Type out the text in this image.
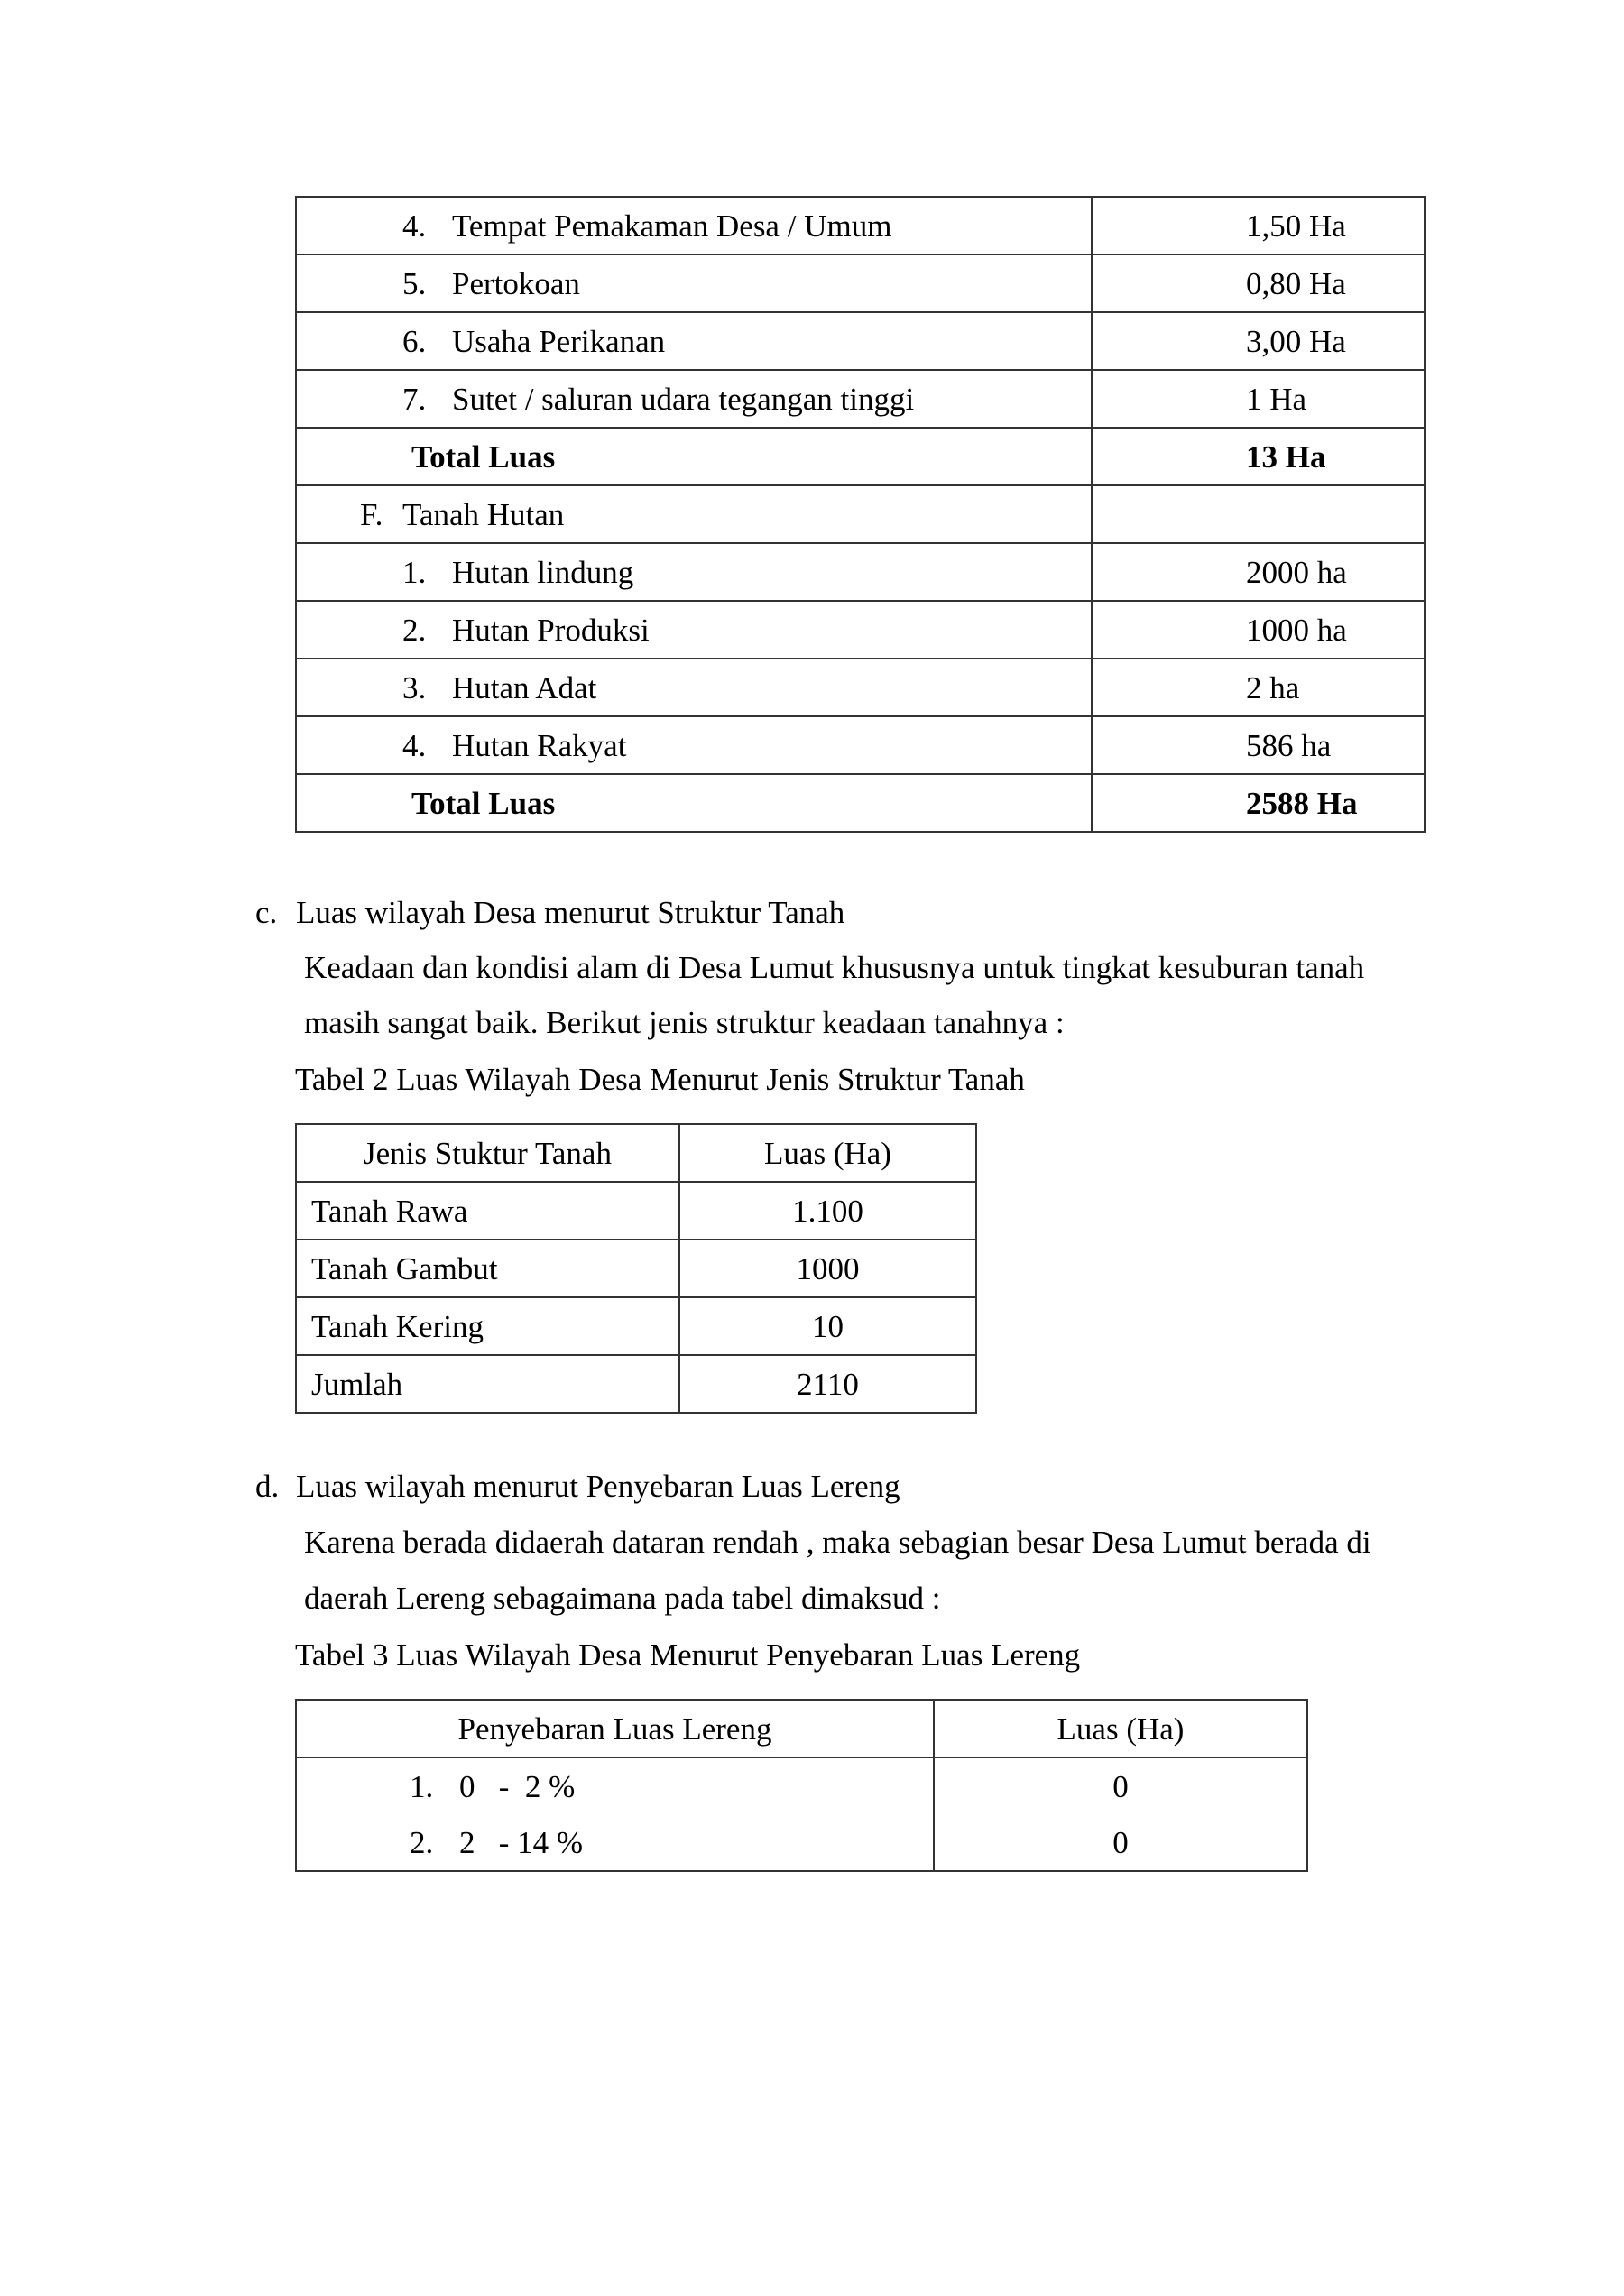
4. Tempat Pemakaman Desa / Umum	1,50 Ha
5. Pertokoan	0,80 Ha
6. Usaha Perikanan	3,00 Ha
7. Sutet / saluran udara tegangan tinggi	1 Ha
Total Luas	13 Ha
F. Tanah Hutan	
1. Hutan lindung	2000 ha
2. Hutan Produksi	1000 ha
3. Hutan Adat	2 ha
4. Hutan Rakyat	586 ha
Total Luas	2588 Ha
c. Luas wilayah Desa menurut Struktur Tanah
Keadaan dan kondisi alam di Desa Lumut khususnya untuk tingkat kesuburan tanah
masih sangat baik. Berikut jenis struktur keadaan tanahnya :
Tabel 2 Luas Wilayah Desa Menurut Jenis Struktur Tanah
Jenis Stuktur Tanah	Luas (Ha)
Tanah Rawa	1.100
Tanah Gambut	1000
Tanah Kering	10
Jumlah	2110
d. Luas wilayah menurut Penyebaran Luas Lereng
Karena berada didaerah dataran rendah , maka sebagian besar Desa Lumut berada di
daerah Lereng sebagaimana pada tabel dimaksud :
Tabel 3 Luas Wilayah Desa Menurut Penyebaran Luas Lereng
Penyebaran Luas Lereng	Luas (Ha)
1. 0   -  2 %	0
2. 2   - 14 %	0
